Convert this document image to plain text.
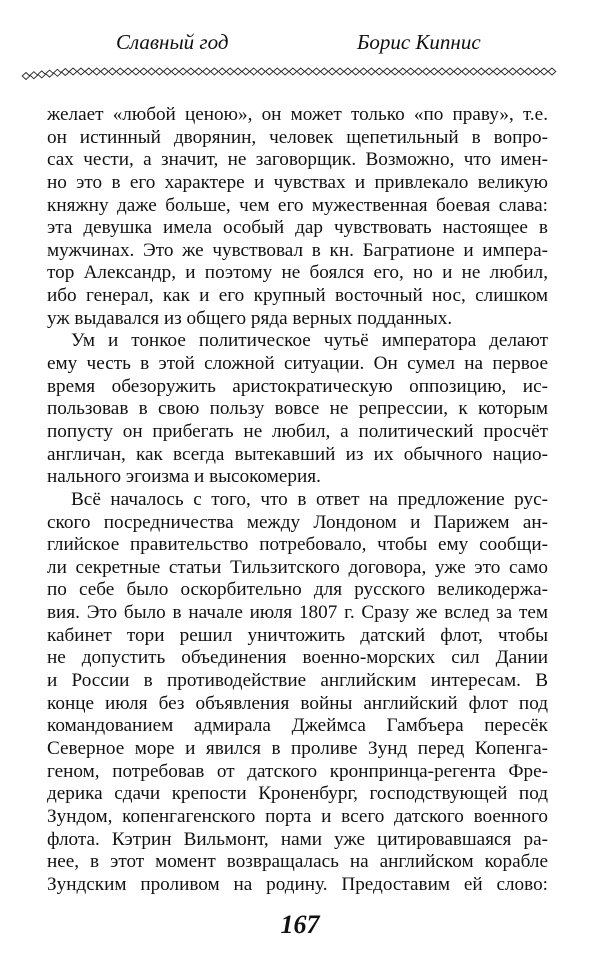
Славный год	Борис Кипнис
желает «любой ценою», он может только «по праву», т.е.
он истинный дворянин, человек щепетильный в вопро-
сах чести, а значит, не заговорщик. Возможно, что имен-
но это в его характере и чувствах и привлекало великую
княжну даже больше, чем его мужественная боевая слава:
эта девушка имела особый дар чувствовать настоящее в
мужчинах. Это же чувствовал в кн. Багратионе и импера-
тор Александр, и поэтому не боялся его, но и не любил,
ибо генерал, как и его крупный восточный нос, слишком
уж выдавался из общего ряда верных подданных.
Ум и тонкое политическое чутьё императора делают
ему честь в этой сложной ситуации. Он сумел на первое
время обезоружить аристократическую оппозицию, ис-
пользовав в свою пользу вовсе не репрессии, к которым
попусту он прибегать не любил, а политический просчёт
англичан, как всегда вытекавший из их обычного нацио-
нального эгоизма и высокомерия.
Всё началось с того, что в ответ на предложение рус-
ского посредничества между Лондоном и Парижем ан-
глийское правительство потребовало, чтобы ему сообщи-
ли секретные статьи Тильзитского договора, уже это само
по себе было оскорбительно для русского великодержа-
вия. Это было в начале июля 1807 г. Сразу же вслед за тем
кабинет тори решил уничтожить датский флот, чтобы
не допустить объединения военно-морских сил Дании
и России в противодействие английским интересам. В
конце июля без объявления войны английский флот под
командованием адмирала Джеймса Гамбъера пересёк
Северное море и явился в проливе Зунд перед Копенга-
геном, потребовав от датского кронпринца-регента Фре-
дерика сдачи крепости Кроненбург, господствующей под
Зундом, копенгагенского порта и всего датского военного
флота. Кэтрин Вильмонт, нами уже цитировавшаяся ра-
нее, в этот момент возвращалась на английском корабле
Зундским проливом на родину. Предоставим ей слово:
167
